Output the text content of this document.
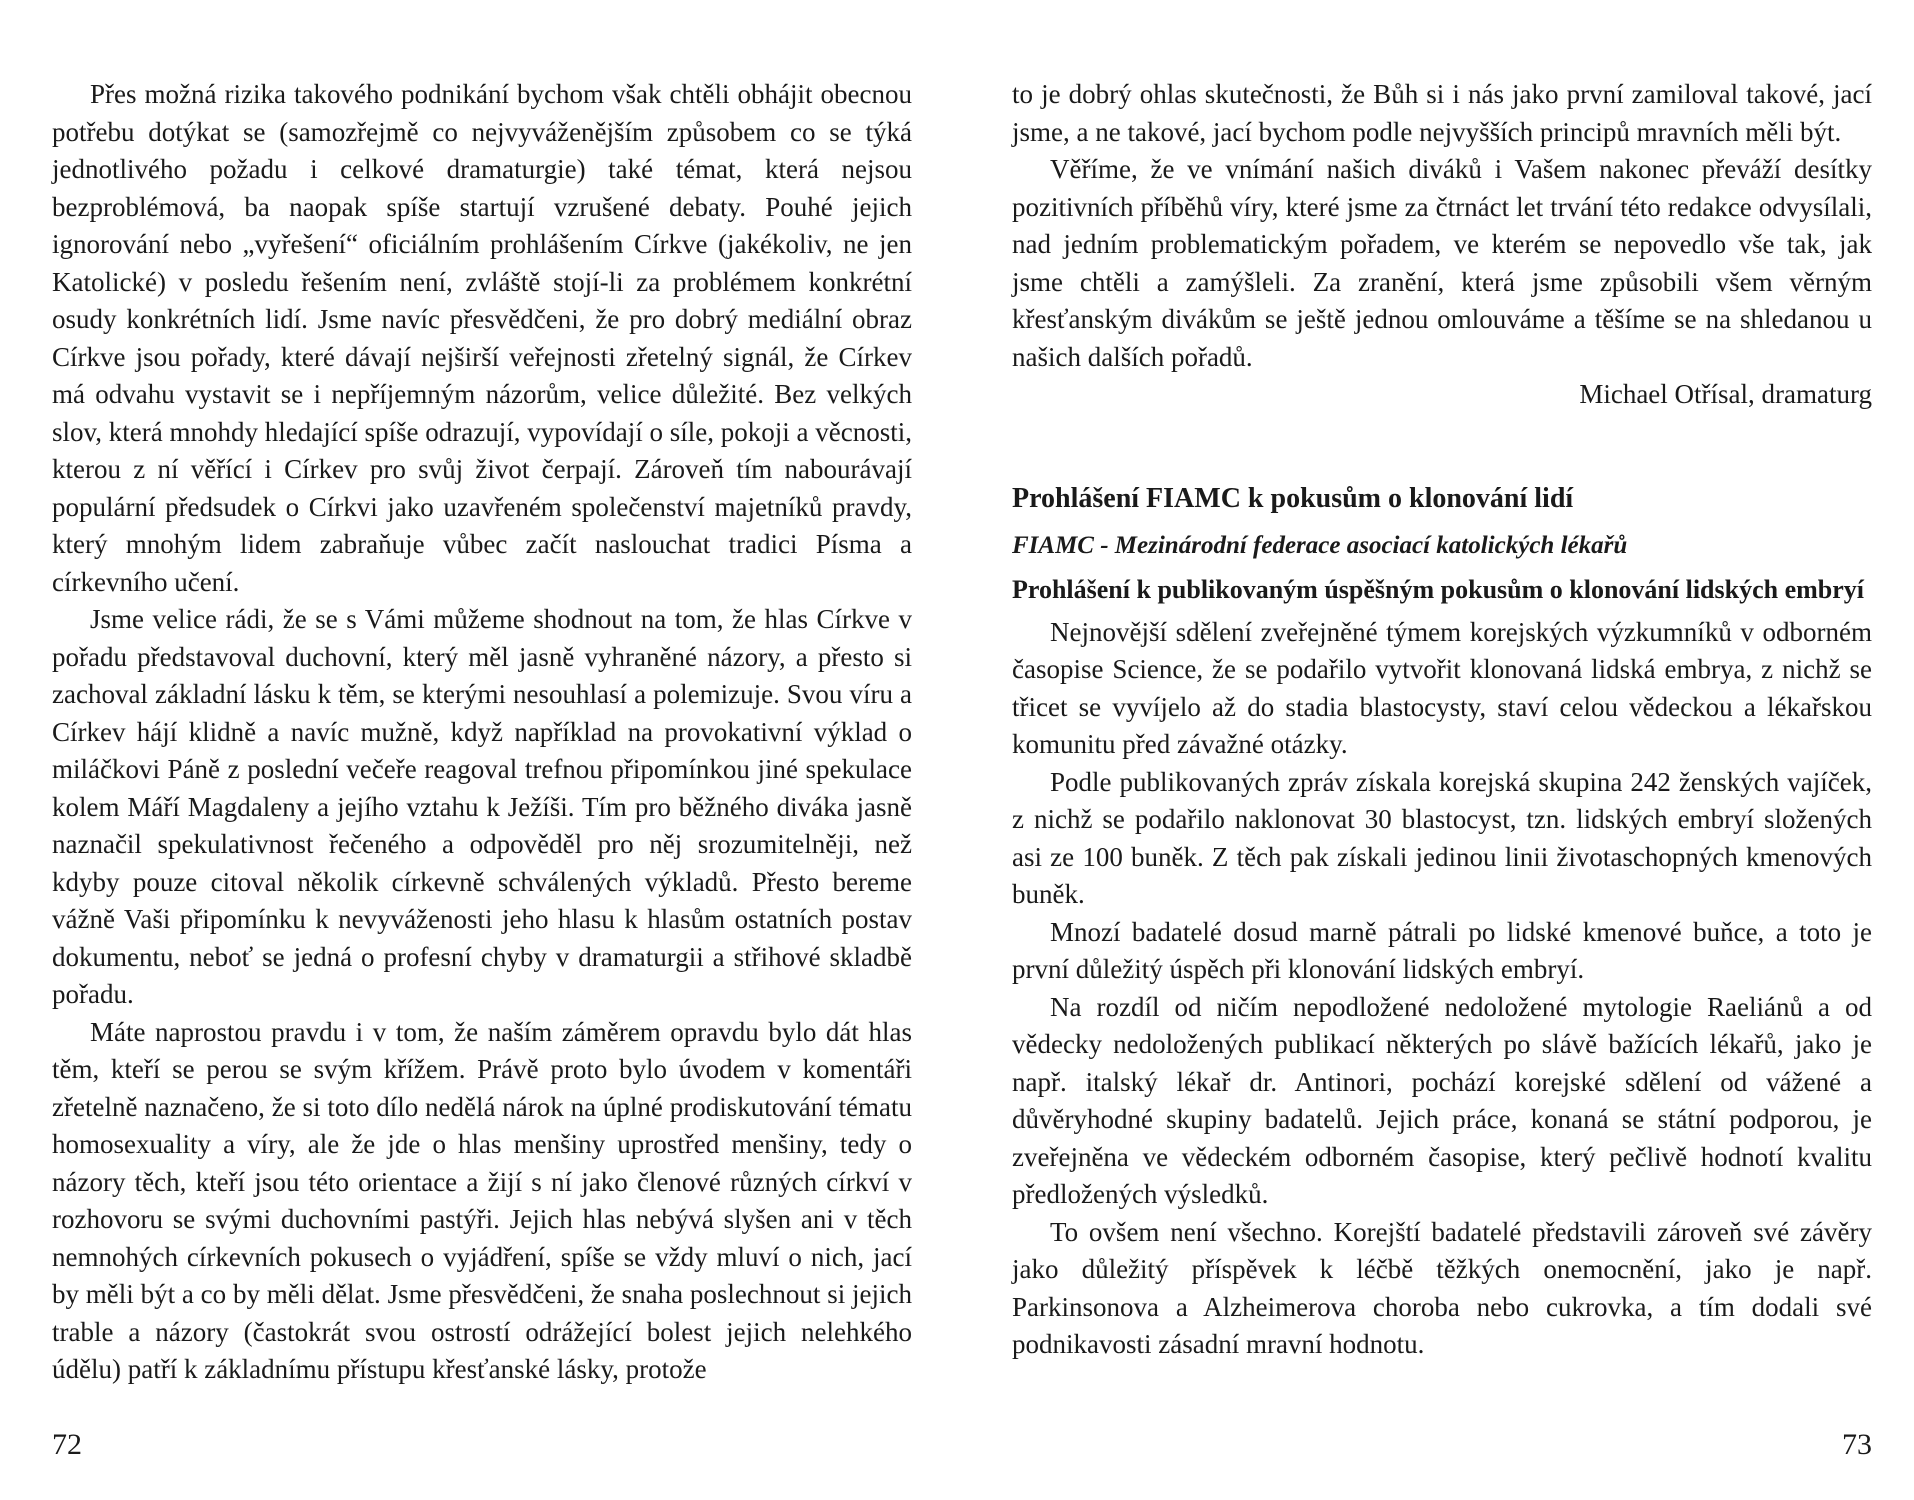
Přes možná rizika takového podnikání bychom však chtěli obhájit obecnou potřebu dotýkat se (samozřejmě co nejvyváženějším způsobem co se týká jednotlivého požadu i celkové dramaturgie) také témat, která nejsou bezproblémová, ba naopak spíše startují vzrušené debaty. Pouhé jejich ignorování nebo „vyřešení“ oficiálním prohlášením Církve (jakékoliv, ne jen Katolické) v posledu řešením není, zvláště stojí-li za problémem konkrétní osudy konkrétních lidí. Jsme navíc přesvědčeni, že pro dobrý mediální obraz Církve jsou pořady, které dávají nejširší veřejnosti zřetelný signál, že Církev má odvahu vystavit se i nepříjemným názorům, velice důležité. Bez velkých slov, která mnohdy hledající spíše odrazují, vypovídají o síle, pokoji a věcnosti, kterou z ní věřící i Církev pro svůj život čerpají. Zároveň tím nabourávají populární předsudek o Církvi jako uzavřeném společenství majetníků pravdy, který mnohým lidem zabraňuje vůbec začít naslouchat tradici Písma a církevního učení.

Jsme velice rádi, že se s Vámi můžeme shodnout na tom, že hlas Církve v pořadu představoval duchovní, který měl jasně vyhraněné názory, a přesto si zachoval základní lásku k těm, se kterými nesouhlasí a polemizuje. Svou víru a Církev hájí klidně a navíc mužně, když například na provokativní výklad o miláčkovi Páně z poslední večeře reagoval trefnou připomínkou jiné spekulace kolem Máří Magdaleny a jejího vztahu k Ježíši. Tím pro běžného diváka jasně naznačil spekulativnost řečeného a odpověděl pro něj srozumitelněji, než kdyby pouze citoval několik církevně schválených výkladů. Přesto bereme vážně Vaši připomínku k nevyváženosti jeho hlasu k hlasům ostatních postav dokumentu, neboť se jedná o profesní chyby v dramaturgii a střihové skladbě pořadu.

Máte naprostou pravdu i v tom, že naším záměrem opravdu bylo dát hlas těm, kteří se perou se svým křížem. Právě proto bylo úvodem v komentáři zřetelně naznačeno, že si toto dílo nedělá nárok na úplné prodiskutování tématu homosexuality a víry, ale že jde o hlas menšiny uprostřed menšiny, tedy o názory těch, kteří jsou této orientace a žijí s ní jako členové různých církví v rozhovoru se svými duchovními pastýři. Jejich hlas nebývá slyšen ani v těch nemnohých církevních pokusech o vyjádření, spíše se vždy mluví o nich, jací by měli být a co by měli dělat. Jsme přesvědčeni, že snaha poslechnout si jejich trable a názory (častokrát svou ostrostí odrážející bolest jejich nelehkého údělu) patří k základnímu přístupu křesťanské lásky, protože

72

to je dobrý ohlas skutečnosti, že Bůh si i nás jako první zamiloval takové, jací jsme, a ne takové, jací bychom podle nejvyšších principů mravních měli být.

Věříme, že ve vnímání našich diváků i Vašem nakonec převáží desítky pozitivních příběhů víry, které jsme za čtrnáct let trvání této redakce odvysílali, nad jedním problematickým pořadem, ve kterém se nepovedlo vše tak, jak jsme chtěli a zamýšleli. Za zranění, která jsme způsobili všem věrným křesťanským divákům se ještě jednou omlouváme a těšíme se na shledanou u našich dalších pořadů.

Michael Otřísal, dramaturg

Prohlášení FIAMC k pokusům o klonování lidí
FIAMC - Mezinárodní federace asociací katolických lékařů
Prohlášení k publikovaným úspěšným pokusům o klonování lidských embryí

Nejnovější sdělení zveřejněné týmem korejských výzkumníků v odborném časopise Science, že se podařilo vytvořit klonovaná lidská embrya, z nichž se třicet se vyvíjelo až do stadia blastocysty, staví celou vědeckou a lékařskou komunitu před závažné otázky.

Podle publikovaných zpráv získala korejská skupina 242 ženských vajíček, z nichž se podařilo naklonovat 30 blastocyst, tzn. lidských embryí složených asi ze 100 buněk. Z těch pak získali jedinou linii životaschopných kmenových buněk.

Mnozí badatelé dosud marně pátrali po lidské kmenové buňce, a toto je první důležitý úspěch při klonování lidských embryí.

Na rozdíl od ničím nepodložené nedoložené mytologie Raeliánů a od vědecky nedoložených publikací některých po slávě bažících lékařů, jako je např. italský lékař dr. Antinori, pochází korejské sdělení od vážené a důvěryhodné skupiny badatelů. Jejich práce, konaná se státní podporou, je zveřejněna ve vědeckém odborném časopise, který pečlivě hodnotí kvalitu předložených výsledků.

To ovšem není všechno. Korejští badatelé představili zároveň své závěry jako důležitý příspěvek k léčbě těžkých onemocnění, jako je např. Parkinsonova a Alzheimerova choroba nebo cukrovka, a tím dodali své podnikavosti zásadní mravní hodnotu.

73
